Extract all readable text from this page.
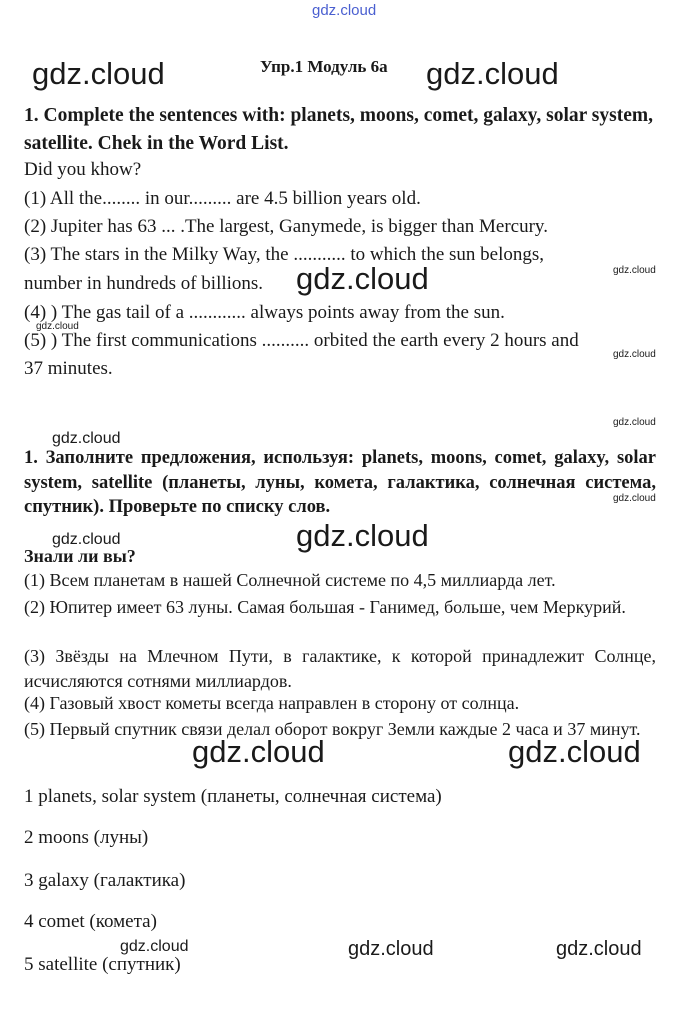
gdz.cloud
gdz.cloud	gdz.cloud
gdz.cloud	gdz.cloud
gdz.cloud
gdz.cloud
gdz.cloud
gdz.cloud
gdz.cloud
gdz.cloud	gdz.cloud
gdz.cloud	gdz.cloud
gdz.cloud	gdz.cloud	gdz.cloud
Упр.1 Модуль 6а
1. Complete the sentences with: planets, moons, comet, galaxy, solar system, satellite. Chek in the Word List.
Did you khow?
(1) All the........ in our......... are 4.5 billion years old.
(2) Jupiter has 63 ... .The largest, Ganymede, is bigger than Mercury.
(3) The stars in the Milky Way, the ........... to which the sun belongs,
number in hundreds of billions.
(4) ) The gas tail of a ............ always points away from the sun.
(5) ) The first communications .......... orbited the earth every 2 hours and
37 minutes.
1. Заполните предложения, используя: planets, moons, comet, galaxy, solar system, satellite (планеты, луны, комета, галактика, солнечная система, спутник). Проверьте по списку слов.
Знали ли вы?
(1) Всем планетам в нашей Солнечной системе по 4,5 миллиарда лет.
(2) Юпитер имеет 63 луны. Самая большая - Ганимед, больше, чем Меркурий.
(3) Звёзды на Млечном Пути, в галактике, к которой принадлежит Солнце, исчисляются сотнями миллиардов.
(4) Газовый хвост кометы всегда направлен в сторону от солнца.
(5) Первый спутник связи делал оборот вокруг Земли каждые 2 часа и 37 минут.
1 planets, solar system (планеты, солнечная система)
2 moons (луны)
3 galaxy (галактика)
4 comet (комета)
5 satellite (спутник)
